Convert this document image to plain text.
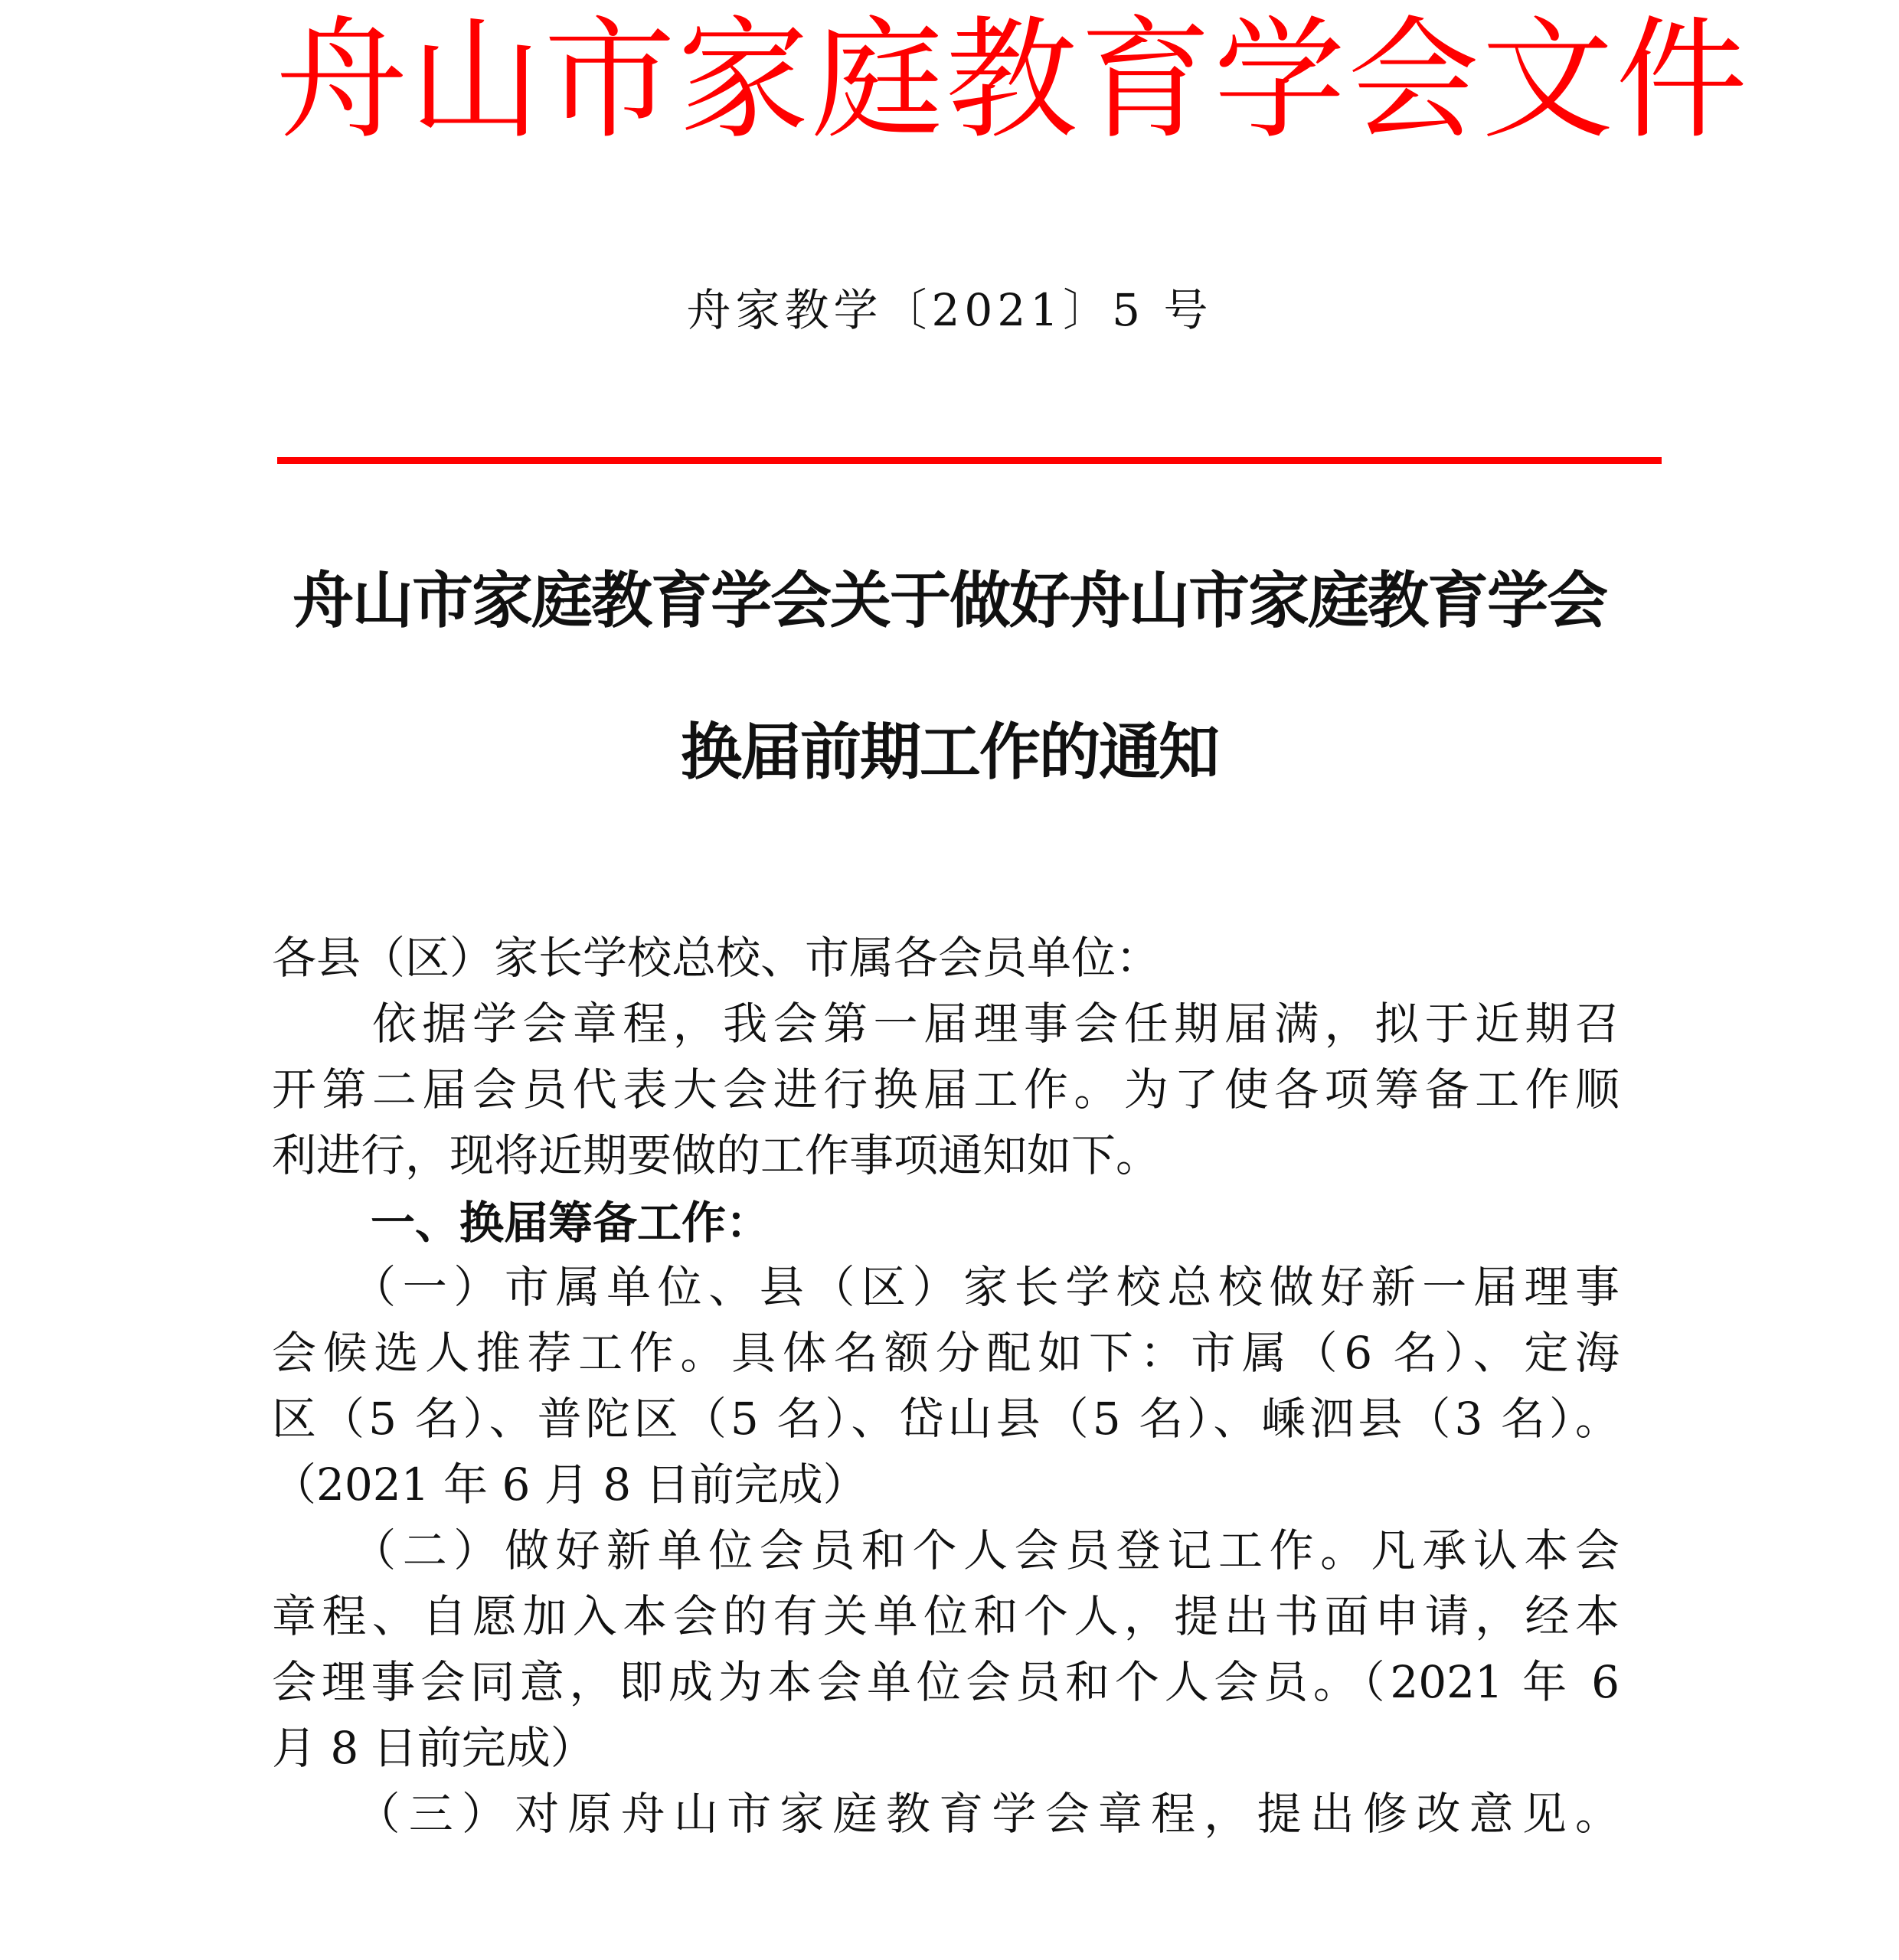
舟山市家庭教育学会文件
舟家教学〔2021〕5 号
舟山市家庭教育学会关于做好舟山市家庭教育学会
换届前期工作的通知
各县（区）家长学校总校、市属各会员单位：
　　依据学会章程，我会第一届理事会任期届满，拟于近期召
开第二届会员代表大会进行换届工作。为了使各项筹备工作顺
利进行，现将近期要做的工作事项通知如下。
一、换届筹备工作：
　　（一）市属单位、县（区）家长学校总校做好新一届理事
会候选人推荐工作。具体名额分配如下：市属（6 名）、定海
区（5 名）、普陀区（5 名）、岱山县（5 名）、嵊泗县（3 名）。
（2021 年 6 月 8 日前完成）
　　（二）做好新单位会员和个人会员登记工作。凡承认本会
章程、自愿加入本会的有关单位和个人，提出书面申请，经本
会理事会同意，即成为本会单位会员和个人会员。（2021 年 6
月 8 日前完成）
　　（三）对原舟山市家庭教育学会章程，提出修改意见。
